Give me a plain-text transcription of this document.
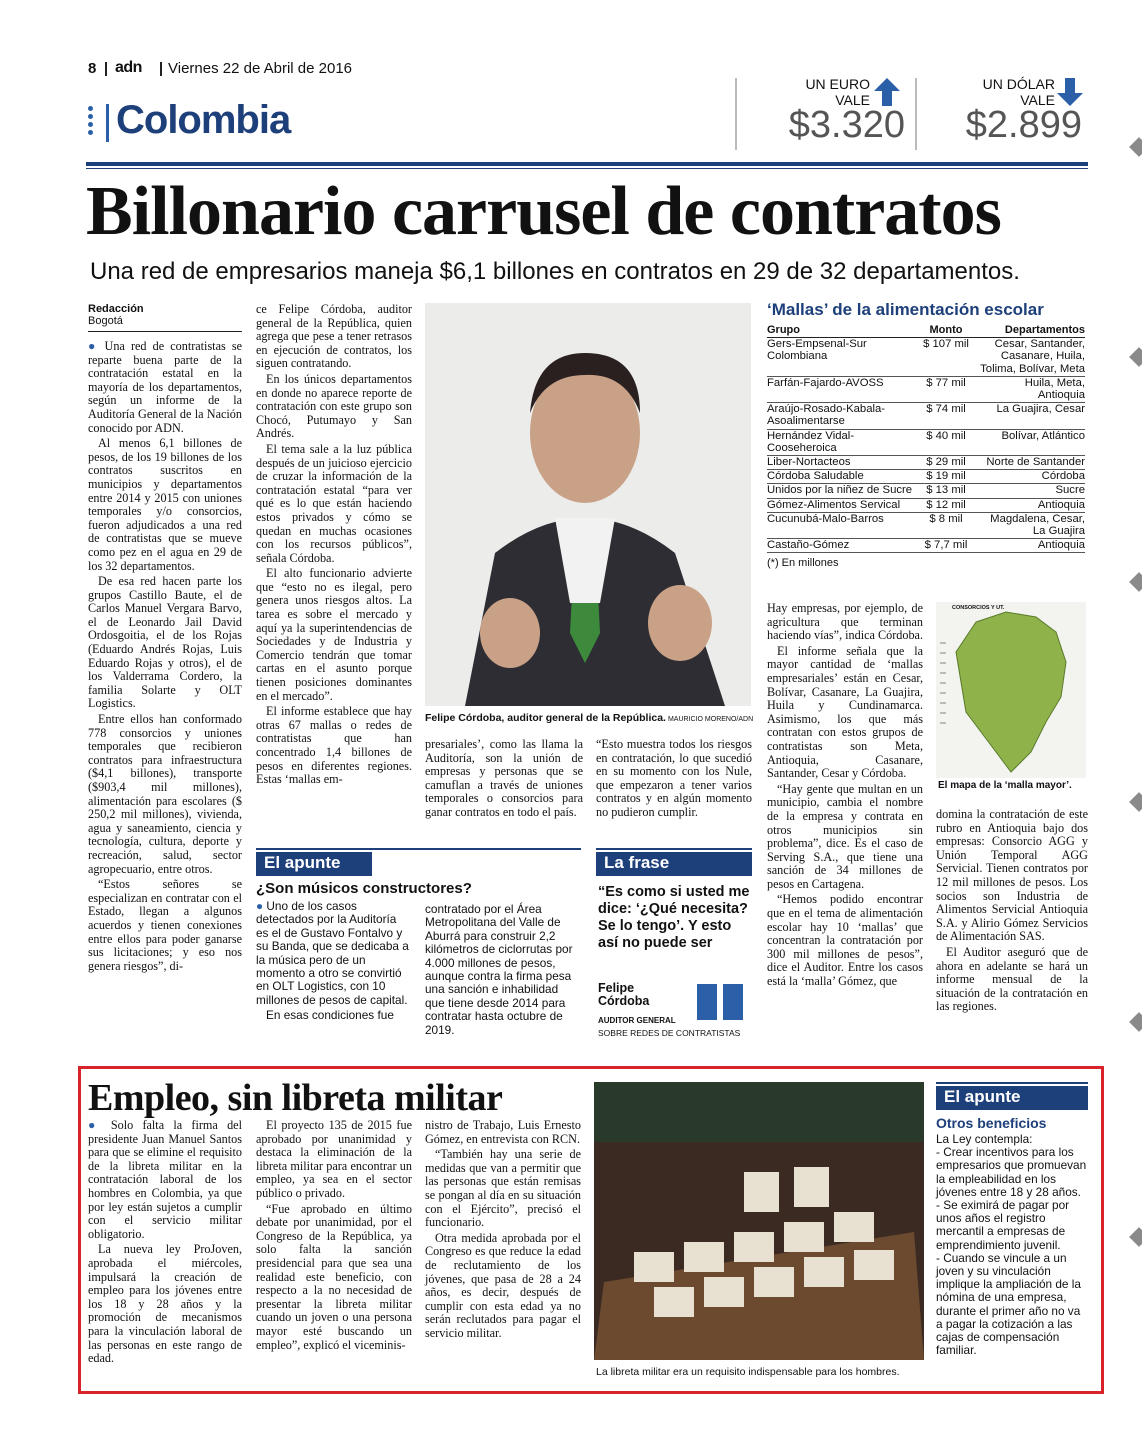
8 adn Viernes 22 de Abril de 2016
Colombia
UN EURO
VALE
$3.320
UN DÓLAR
VALE
$2.899
Billonario carrusel de contratos
Una red de empresarios maneja $6,1 billones en contratos en 29 de 32 departamentos.
Redacción
Bogotá

● Una red de contratistas se reparte buena parte de la contratación estatal en la mayoría de los departamentos, según un informe de la Auditoría General de la Nación conocido por ADN.

Al menos 6,1 billones de pesos, de los 19 billones de los contratos suscritos en municipios y departamentos entre 2014 y 2015 con uniones temporales y/o consorcios, fueron adjudicados a una red de contratistas que se mueve como pez en el agua en 29 de los 32 departamentos.

De esa red hacen parte los grupos Castillo Baute, el de Carlos Manuel Vergara Barvo, el de Leonardo Jail David Ordosgoitia, el de los Rojas (Eduardo Andrés Rojas, Luis Eduardo Rojas y otros), el de los Valderrama Cordero, la familia Solarte y OLT Logistics.

Entre ellos han conformado 778 consorcios y uniones temporales que recibieron contratos para infraestructura ($4,1 billones), transporte ($903,4 mil millones), alimentación para escolares ($ 250,2 mil millones), vivienda, agua y saneamiento, ciencia y tecnología, cultura, deporte y recreación, salud, sector agropecuario, entre otros.

“Estos señores se especializan en contratar con el Estado, llegan a algunos acuerdos y tienen conexiones entre ellos para poder ganarse sus licitaciones; y eso nos genera riesgos”, di-

ce Felipe Córdoba, auditor general de la República, quien agrega que pese a tener retrasos en ejecución de contratos, los siguen contratando.

En los únicos departamentos en donde no aparece reporte de contratación con este grupo son Chocó, Putumayo y San Andrés.

El tema sale a la luz pública después de un juicioso ejercicio de cruzar la información de la contratación estatal “para ver qué es lo que están haciendo estos privados y cómo se quedan en muchas ocasiones con los recursos públicos”, señala Córdoba.

El alto funcionario advierte que “esto no es ilegal, pero genera unos riesgos altos. La tarea es sobre el mercado y aquí ya la superintendencias de Sociedades y de Industria y Comercio tendrán que tomar cartas en el asunto porque tienen posiciones dominantes en el mercado”.

El informe establece que hay otras 67 mallas o redes de contratistas que han concentrado 1,4 billones de pesos en diferentes regiones. Estas ‘mallas em-

Felipe Córdoba, auditor general de la República. MAURICIO MORENO/ADN

presariales’, como las llama la Auditoría, son la unión de empresas y personas que se camuflan a través de uniones temporales o consorcios para ganar contratos en todo el país.

“Esto muestra todos los riesgos en contratación, lo que sucedió en su momento con los Nule, que empezaron a tener varios contratos y en algún momento no pudieron cumplir.

‘Mallas’ de la alimentación escolar
Grupo	Monto	Departamentos
Gers-Empsenal-Sur Colombiana	$ 107 mil	Cesar, Santander, Casanare, Huila, Tolima, Bolívar, Meta
Farfán-Fajardo-AVOSS	$ 77 mil	Huila, Meta, Antioquia
Araújo-Rosado-Kabala-Asoalimentarse	$ 74 mil	La Guajira, Cesar
Hernández Vidal-Cooseheroica	$ 40 mil	Bolívar, Atlántico
Liber-Nortacteos	$ 29 mil	Norte de Santander
Córdoba Saludable	$ 19 mil	Córdoba
Unidos por la niñez de Sucre	$ 13 mil	Sucre
Gómez-Alimentos Servical	$ 12 mil	Antioquia
Cucunubá-Malo-Barros	$ 8 mil	Magdalena, Cesar, La Guajira
Castaño-Gómez	$ 7,7 mil	Antioquia
(*) En millones

Hay empresas, por ejemplo, de agricultura que terminan haciendo vías”, indica Córdoba.

El informe señala que la mayor cantidad de ‘mallas empresariales’ están en Cesar, Bolívar, Casanare, La Guajira, Huila y Cundinamarca. Asimismo, los que más contratan con estos grupos de contratistas son Meta, Antioquia, Casanare, Santander, Cesar y Córdoba.

“Hay gente que multan en un municipio, cambia el nombre de la empresa y contrata en otros municipios sin problema”, dice. Es el caso de Serving S.A., que tiene una sanción de 34 millones de pesos en Cartagena.

“Hemos podido encontrar que en el tema de alimentación escolar hay 10 ‘mallas’ que concentran la contratación por 300 mil millones de pesos”, dice el Auditor. Entre los casos está la ‘malla’ Gómez, que

CONSORCIOS Y UT.
El mapa de la ‘malla mayor’.

domina la contratación de este rubro en Antioquia bajo dos empresas: Consorcio AGG y Unión Temporal AGG Servicial. Tienen contratos por 12 mil millones de pesos. Los socios son Industria de Alimentos Servicial Antioquia S.A. y Alirio Gómez Servicios de Alimentación SAS.

El Auditor aseguró que de ahora en adelante se hará un informe mensual de la situación de la contratación en las regiones.

El apunte
¿Son músicos constructores?

● Uno de los casos detectados por la Auditoría es el de Gustavo Fontalvo y su Banda, que se dedicaba a la música pero de un momento a otro se convirtió en OLT Logistics, con 10 millones de pesos de capital.

En esas condiciones fue

contratado por el Área Metropolitana del Valle de Aburrá para construir 2,2 kilómetros de ciclorrutas por 4.000 millones de pesos, aunque contra la firma pesa una sanción e inhabilidad que tiene desde 2014 para contratar hasta octubre de 2019.

La frase
“Es como si usted me dice: ‘¿Qué necesita? Se lo tengo’. Y esto así no puede ser
Felipe
Córdoba
AUDITOR GENERAL
SOBRE REDES DE CONTRATISTAS
Empleo, sin libreta militar

● Solo falta la firma del presidente Juan Manuel Santos para que se elimine el requisito de la libreta militar en la contratación laboral de los hombres en Colombia, ya que por ley están sujetos a cumplir con el servicio militar obligatorio.

La nueva ley ProJoven, aprobada el miércoles, impulsará la creación de empleo para los jóvenes entre los 18 y 28 años y la promoción de mecanismos para la vinculación laboral de las personas en este rango de edad.

El proyecto 135 de 2015 fue aprobado por unanimidad y destaca la eliminación de la libreta militar para encontrar un empleo, ya sea en el sector público o privado.

“Fue aprobado en último debate por unanimidad, por el Congreso de la República, ya solo falta la sanción presidencial para que sea una realidad este beneficio, con respecto a la no necesidad de presentar la libreta militar cuando un joven o una persona mayor esté buscando un empleo”, explicó el viceminis-

nistro de Trabajo, Luis Ernesto Gómez, en entrevista con RCN.

“También hay una serie de medidas que van a permitir que las personas que están remisas se pongan al día en su situación con el Ejército”, precisó el funcionario.

Otra medida aprobada por el Congreso es que reduce la edad de reclutamiento de los jóvenes, que pasa de 28 a 24 años, es decir, después de cumplir con esta edad ya no serán reclutados para pagar el servicio militar.

La libreta militar era un requisito indispensable para los hombres.
El apunte
Otros beneficios
La Ley contempla:
- Crear incentivos para los empresarios que promuevan la empleabilidad en los jóvenes entre 18 y 28 años.
- Se eximirá de pagar por unos años el registro mercantil a empresas de emprendimiento juvenil.
- Cuando se vincule a un joven y su vinculación implique la ampliación de la nómina de una empresa, durante el primer año no va a pagar la cotización a las cajas de compensación familiar.
